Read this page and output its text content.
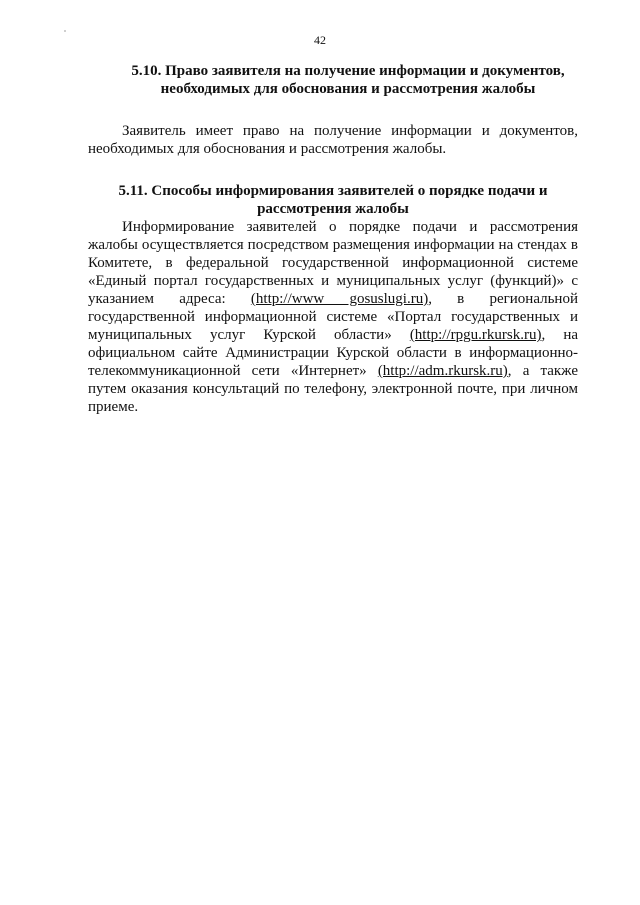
42

5.10. Право заявителя на получение информации и документов,
необходимых для обоснования и рассмотрения жалобы

Заявитель имеет право на получение информации и документов, необходимых для обоснования и рассмотрения жалобы.

5.11. Способы информирования заявителей о порядке подачи и
рассмотрения жалобы

Информирование заявителей о порядке подачи и рассмотрения жалобы осуществляется посредством размещения информации на стендах в Комитете, в федеральной государственной информационной системе «Единый портал государственных и муниципальных услуг (функций)» с указанием адреса: (http://www gosuslugi.ru), в региональной государственной информационной системе «Портал государственных и муниципальных услуг Курской области» (http://rpgu.rkursk.ru), на официальном сайте Администрации Курской области в информационно-телекоммуникационной сети «Интернет» (http://adm.rkursk.ru), а также путем оказания консультаций по телефону, электронной почте, при личном приеме.
